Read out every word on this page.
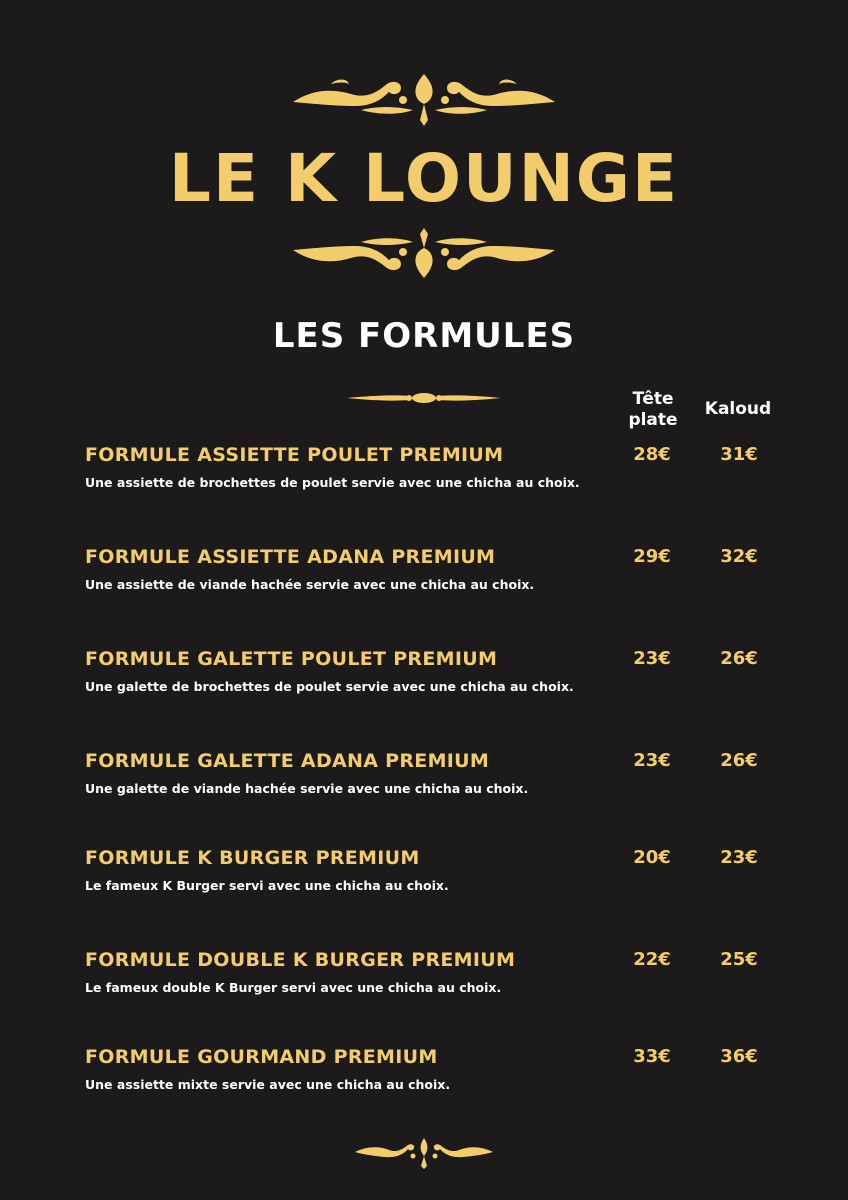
LE K LOUNGE
LES FORMULES
Tête plate
Kaloud
FORMULE ASSIETTE POULET PREMIUM
Une assiette de brochettes de poulet servie avec une chicha au choix.
28€	31€
FORMULE ASSIETTE ADANA PREMIUM
Une assiette de viande hachée servie avec une chicha au choix.
29€	32€
FORMULE GALETTE POULET PREMIUM
Une galette de brochettes de poulet servie avec une chicha au choix.
23€	26€
FORMULE GALETTE ADANA PREMIUM
Une galette de viande hachée servie avec une chicha au choix.
23€	26€
FORMULE K BURGER PREMIUM
Le fameux K Burger servi avec une chicha au choix.
20€	23€
FORMULE DOUBLE K BURGER PREMIUM
Le fameux double K Burger servi avec une chicha au choix.
22€	25€
FORMULE GOURMAND PREMIUM
Une assiette mixte servie avec une chicha au choix.
33€	36€
